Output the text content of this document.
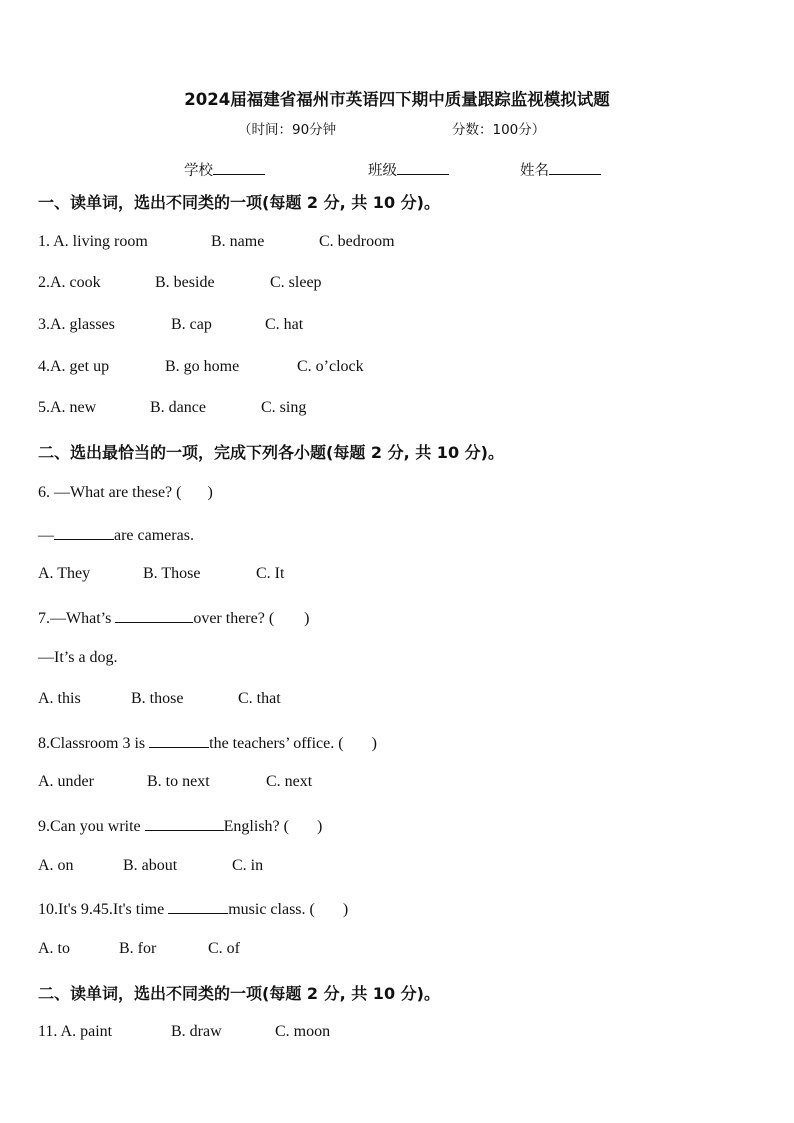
2024届福建省福州市英语四下期中质量跟踪监视模拟试题
（时间：90分钟	分数：100分）
学校	班级	姓名
一、读单词，选出不同类的一项(每题 2 分, 共 10 分)。
1. A. living room	B. name	C. bedroom
2.A. cook	B. beside	C. sleep
3.A. glasses	B. cap	C. hat
4.A. get up	B. go home	C. o’clock
5.A. new	B. dance	C. sing
二、选出最恰当的一项，完成下列各小题(每题 2 分, 共 10 分)。
6. —What are these? ( )
—	are cameras.
A. They	B. Those	C. It
7.—What’s	over there? ( )
—It’s a dog.
A. this	B. those	C. that
8.Classroom 3 is	the teachers’ office. ( )
A. under	B. to next	C. next
9.Can you write	English? ( )
A. on	B. about	C. in
10.It's 9.45.It's time	music class. ( )
A. to	B. for	C. of
二、读单词，选出不同类的一项(每题 2 分, 共 10 分)。
11. A. paint	B. draw	C. moon
